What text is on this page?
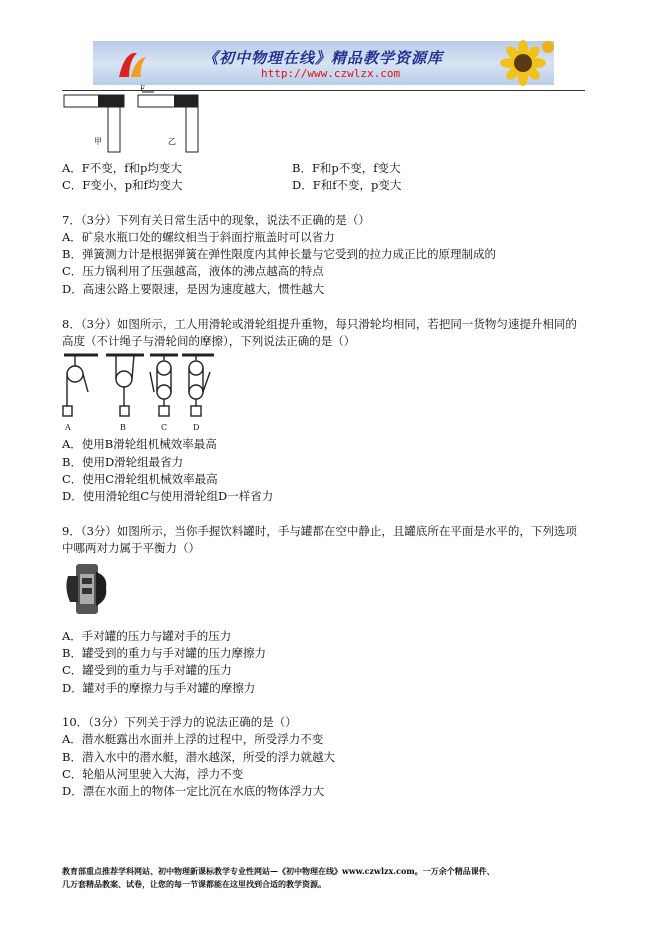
《初中物理在线》精品教学资源库
http://www.czwlzx.com
F
甲	乙
A．F不变，f和p均变大	B．F和p不变，f变大
C．F变小，p和f均变大	D．F和f不变，p变大
7．（3分）下列有关日常生活中的现象，说法不正确的是（）
A．矿泉水瓶口处的螺纹相当于斜面拧瓶盖时可以省力
B．弹簧测力计是根据弹簧在弹性限度内其伸长量与它受到的拉力成正比的原理制成的
C．压力锅利用了压强越高，液体的沸点越高的特点
D．高速公路上要限速，是因为速度越大，惯性越大
8．（3分）如图所示，工人用滑轮或滑轮组提升重物，每只滑轮均相同，若把同一货物匀速提升相同的
高度（不计绳子与滑轮间的摩擦），下列说法正确的是（）
A	B	C	D
A．使用B滑轮组机械效率最高
B．使用D滑轮组最省力
C．使用C滑轮组机械效率最高
D．使用滑轮组C与使用滑轮组D一样省力
9．（3分）如图所示，当你手握饮料罐时，手与罐都在空中静止，且罐底所在平面是水平的，下列选项
中哪两对力属于平衡力（）
A．手对罐的压力与罐对手的压力
B．罐受到的重力与手对罐的压力摩擦力
C．罐受到的重力与手对罐的压力
D．罐对手的摩擦力与手对罐的摩擦力
10．（3分）下列关于浮力的说法正确的是（）
A．潜水艇露出水面并上浮的过程中，所受浮力不变
B．潜入水中的潜水艇，潜水越深，所受的浮力就越大
C．轮船从河里驶入大海，浮力不变
D．漂在水面上的物体一定比沉在水底的物体浮力大
教育部重点推荐学科网站、初中物理新课标教学专业性网站—《初中物理在线》www.czwlzx.com。一万余个精品课件、
几万套精品教案、试卷，让您的每一节课都能在这里找到合适的教学资源。
